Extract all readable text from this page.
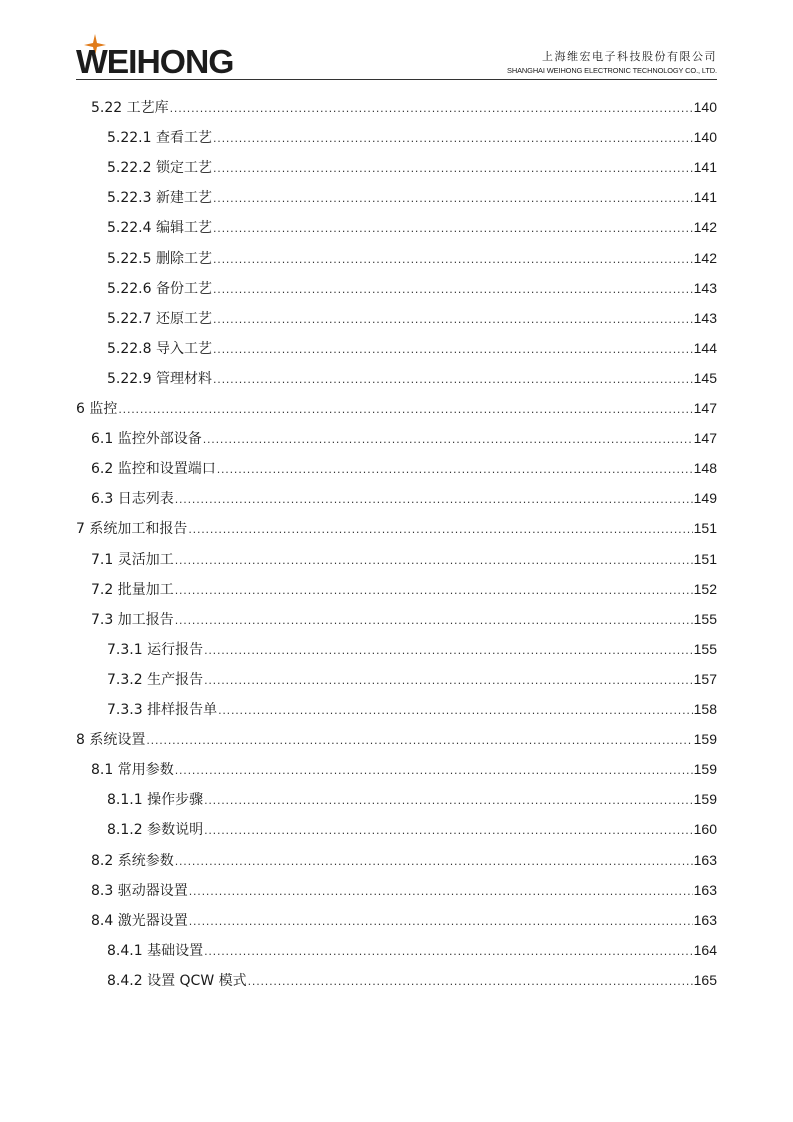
WEIHONG	上海维宏电子科技股份有限公司
SHANGHAI WEIHONG ELECTRONIC TECHNOLOGY CO., LTD.
5.22 工艺库 .....	140
5.22.1 查看工艺 .....	140
5.22.2 锁定工艺 .....	141
5.22.3 新建工艺 .....	141
5.22.4 编辑工艺 .....	142
5.22.5 删除工艺 .....	142
5.22.6 备份工艺 .....	143
5.22.7 还原工艺 .....	143
5.22.8 导入工艺 .....	144
5.22.9 管理材料 .....	145
6 监控 .....	147
6.1 监控外部设备 .....	147
6.2 监控和设置端口 .....	148
6.3 日志列表 .....	149
7 系统加工和报告 .....	151
7.1 灵活加工 .....	151
7.2 批量加工 .....	152
7.3 加工报告 .....	155
7.3.1 运行报告 .....	155
7.3.2 生产报告 .....	157
7.3.3 排样报告单 .....	158
8 系统设置 .....	159
8.1 常用参数 .....	159
8.1.1 操作步骤 .....	159
8.1.2 参数说明 .....	160
8.2 系统参数 .....	163
8.3 驱动器设置 .....	163
8.4 激光器设置 .....	163
8.4.1 基础设置 .....	164
8.4.2 设置 QCW 模式 .....	165
